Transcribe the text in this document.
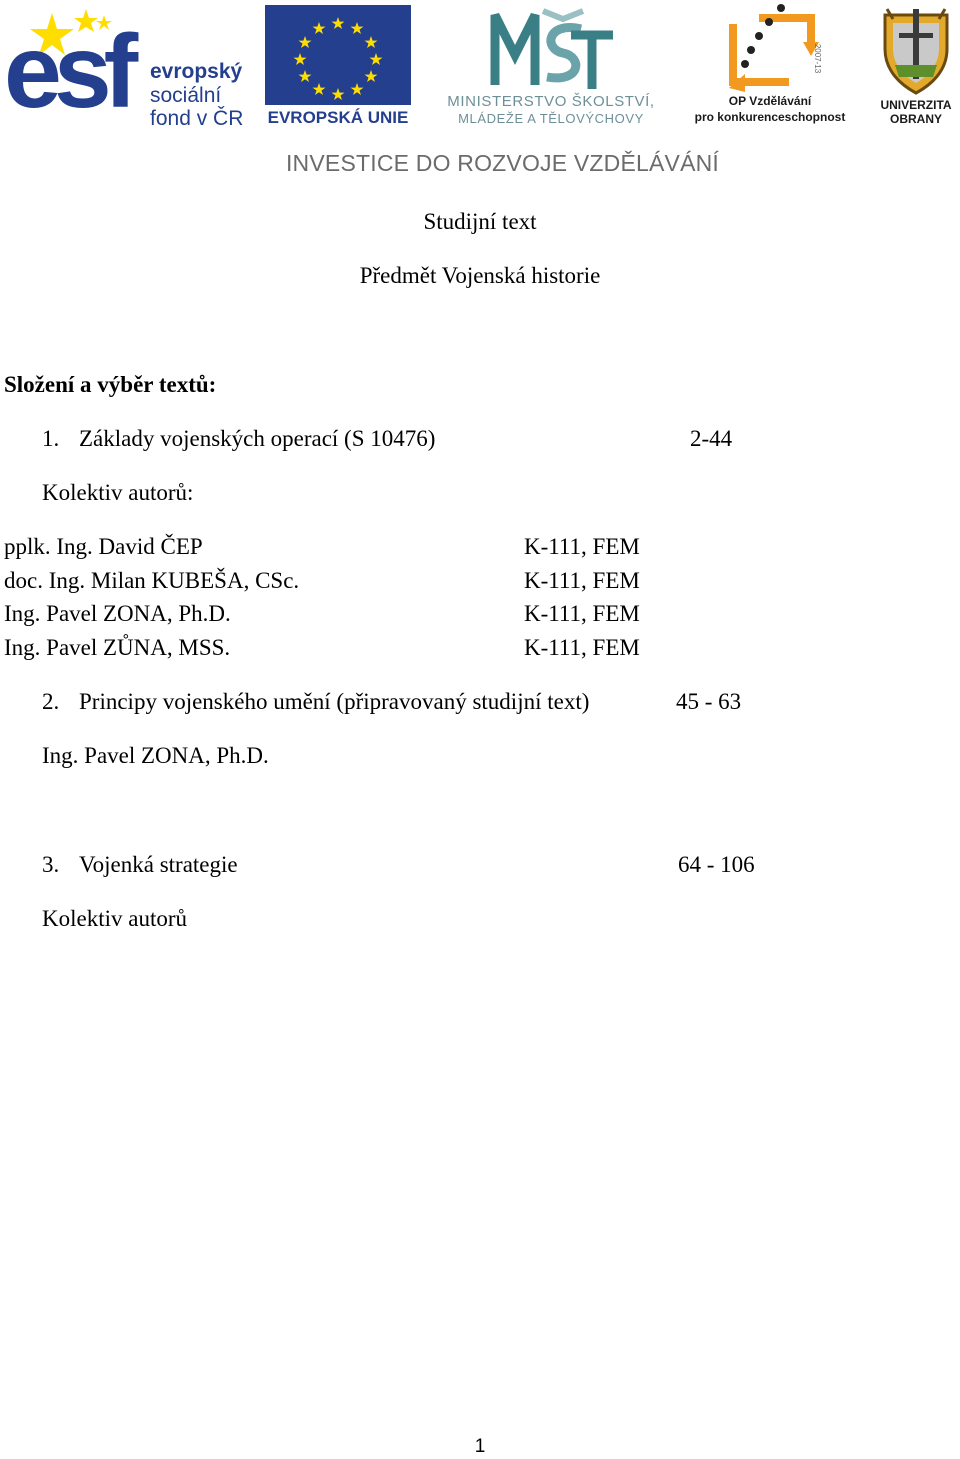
esf evropský
sociální
fond v ČR EVROPSKÁ UNIE
MINISTERSTVO ŠKOLSTVÍ,
MLÁDEŽE A TĚLOVÝCHOVY
OP Vzdělávání
pro konkurenceschopnost
2007-13
UNIVERZITA
OBRANY
INVESTICE DO ROZVOJE VZDĚLÁVÁNÍ
Studijní text
Předmět Vojenská historie
Složení a výběr textů:
1. Základy vojenských operací (S 10476)	2-44
Kolektiv autorů:
pplk. Ing. David ČEP	K-111, FEM
doc. Ing. Milan KUBEŠA, CSc.	K-111, FEM
Ing. Pavel ZONA, Ph.D.	K-111, FEM
Ing. Pavel ZŮNA, MSS.	K-111, FEM
2. Principy vojenského umění (připravovaný studijní text)	45 - 63
Ing. Pavel ZONA, Ph.D.
3. Vojenká strategie	64 - 106
Kolektiv autorů
1
